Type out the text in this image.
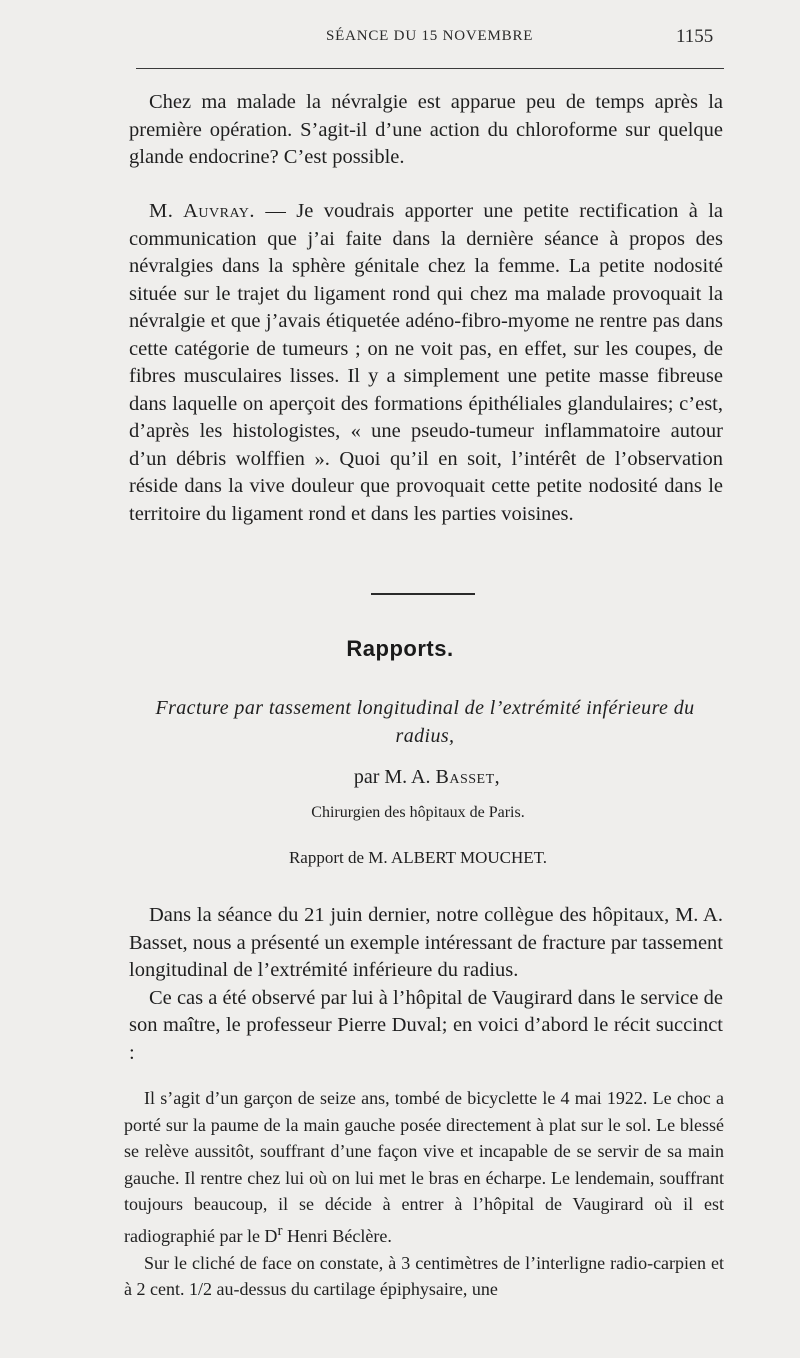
SÉANCE DU 15 NOVEMBRE	1155

Chez ma malade la névralgie est apparue peu de temps après la première opération. S’agit-il d’une action du chloroforme sur quelque glande endocrine? C’est possible.

M. Auvray. — Je voudrais apporter une petite rectification à la communication que j’ai faite dans la dernière séance à propos des névralgies dans la sphère génitale chez la femme. La petite nodosité située sur le trajet du ligament rond qui chez ma malade provoquait la névralgie et que j’avais étiquetée adéno-fibro-myome ne rentre pas dans cette catégorie de tumeurs ; on ne voit pas, en effet, sur les coupes, de fibres musculaires lisses. Il y a simplement une petite masse fibreuse dans laquelle on aperçoit des formations épithéliales glandulaires; c’est, d’après les histologistes, « une pseudo-tumeur inflammatoire autour d’un débris wolffien ». Quoi qu’il en soit, l’intérêt de l’observation réside dans la vive douleur que provoquait cette petite nodosité dans le territoire du ligament rond et dans les parties voisines.

Rapports.
Fracture par tassement longitudinal de l’extrémité inférieure du radius,
par M. A. Basset,
Chirurgien des hôpitaux de Paris.
Rapport de M. ALBERT MOUCHET.

Dans la séance du 21 juin dernier, notre collègue des hôpitaux, M. A. Basset, nous a présenté un exemple intéressant de fracture par tassement longitudinal de l’extrémité inférieure du radius.

Ce cas a été observé par lui à l’hôpital de Vaugirard dans le service de son maître, le professeur Pierre Duval; en voici d’abord le récit succinct :

Il s’agit d’un garçon de seize ans, tombé de bicyclette le 4 mai 1922. Le choc a porté sur la paume de la main gauche posée directement à plat sur le sol. Le blessé se relève aussitôt, souffrant d’une façon vive et incapable de se servir de sa main gauche. Il rentre chez lui où on lui met le bras en écharpe. Le lendemain, souffrant toujours beaucoup, il se décide à entrer à l’hôpital de Vaugirard où il est radiographié par le $D^r$ Henri Béclère.

Sur le cliché de face on constate, à 3 centimètres de l’interligne radio-carpien et à 2 cent. 1/2 au-dessus du cartilage épiphysaire, une
